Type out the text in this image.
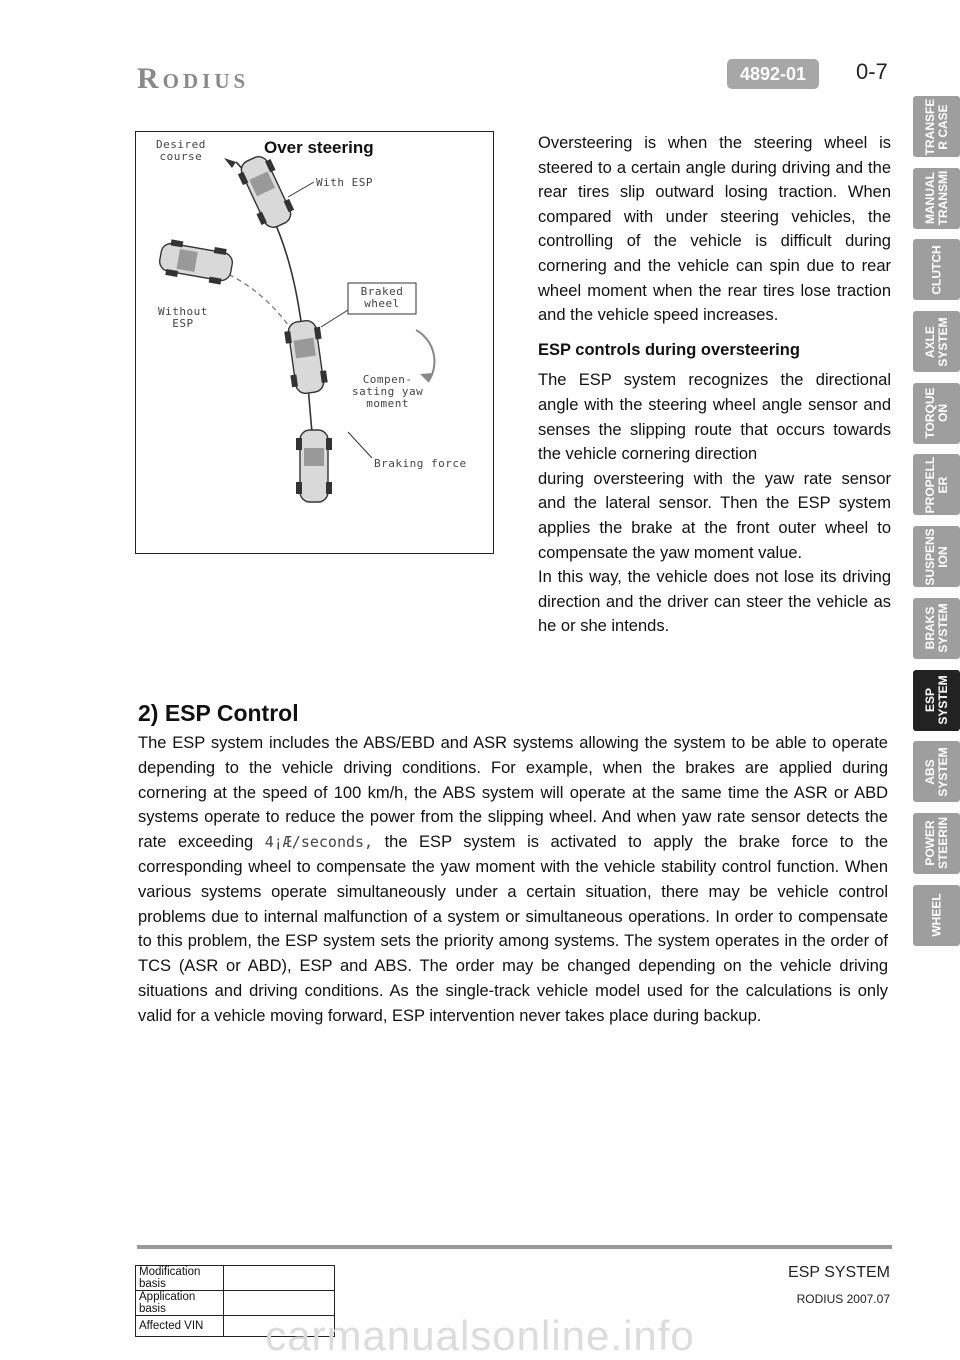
Rodius	4892-01	0-7
Over steering
Desired
course
With ESP
Braked
wheel
Without
ESP
Compen-
sating yaw
moment
Braking force

Oversteering is when the steering wheel is steered to a certain angle during driving and the rear tires slip outward losing traction. When compared with under steering vehicles, the controlling of the vehicle is difficult during cornering and the vehicle can spin due to rear wheel moment when the rear tires lose traction and the vehicle speed increases.

ESP controls during oversteering

The ESP system recognizes the directional angle with the steering wheel angle sensor and senses the slipping route that occurs towards the vehicle cornering direction

during oversteering with the yaw rate sensor and the lateral sensor. Then the ESP system applies the brake at the front outer wheel to compensate the yaw moment value.

In this way, the vehicle does not lose its driving direction and the driver can steer the vehicle as he or she intends.

2) ESP Control

The ESP system includes the ABS/EBD and ASR systems allowing the system to be able to operate depending to the vehicle driving conditions. For example, when the brakes are applied during cornering at the speed of 100 km/h, the ABS system will operate at the same time the ASR or ABD systems operate to reduce the power from the slipping wheel. And when yaw rate sensor detects the rate exceeding 4¡Æ/seconds, the ESP system is activated to apply the brake force to the corresponding wheel to compensate the yaw moment with the vehicle stability control function. When various systems operate simultaneously under a certain situation, there may be vehicle control problems due to internal malfunction of a system or simultaneous operations. In order to compensate to this problem, the ESP system sets the priority among systems. The system operates in the order of TCS (ASR or ABD), ESP and ABS. The order may be changed depending on the vehicle driving situations and driving conditions. As the single-track vehicle model used for the calculations is only valid for a vehicle moving forward, ESP intervention never takes place during backup.

TRANSFE
R CASE
MANUAL
TRANSMI
CLUTCH
AXLE
SYSTEM
TORQUE
ON
PROPELL
ER
SUSPENS
ION
BRAKS
SYSTEM
ESP
SYSTEM
ABS
SYSTEM
POWER
STEERIN
WHEEL
Modification basis	
Application basis	
Affected VIN	
ESP SYSTEM
RODIUS 2007.07
carmanualsonline.info
